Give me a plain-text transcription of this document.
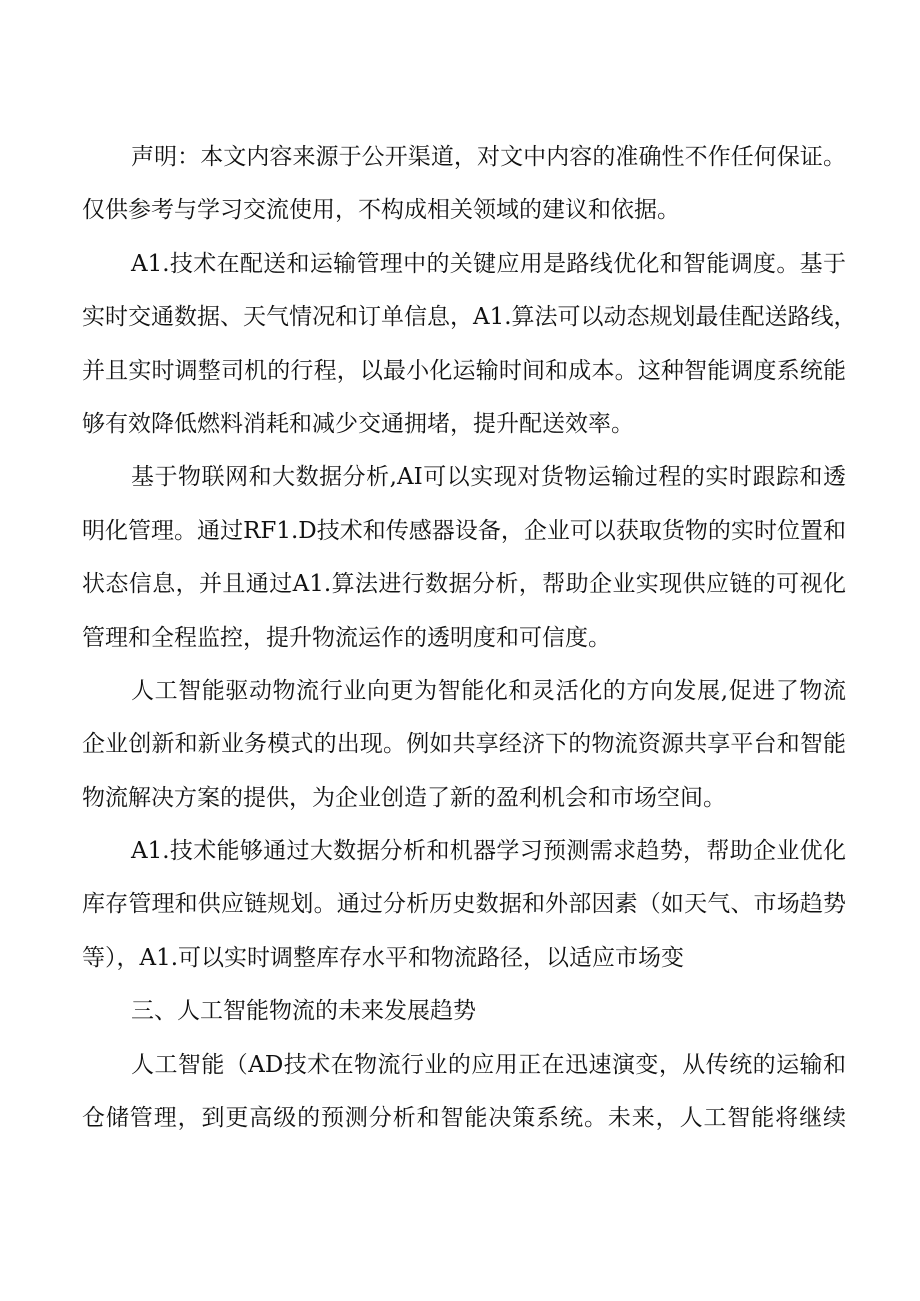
声明：本文内容来源于公开渠道，对文中内容的准确性不作任何保证。
仅供参考与学习交流使用，不构成相关领域的建议和依据。
A1.技术在配送和运输管理中的关键应用是路线优化和智能调度。基于
实时交通数据、天气情况和订单信息，A1.算法可以动态规划最佳配送路线，
并且实时调整司机的行程，以最小化运输时间和成本。这种智能调度系统能
够有效降低燃料消耗和减少交通拥堵，提升配送效率。
基于物联网和大数据分析,AI可以实现对货物运输过程的实时跟踪和透
明化管理。通过RF1.D技术和传感器设备，企业可以获取货物的实时位置和
状态信息，并且通过A1.算法进行数据分析，帮助企业实现供应链的可视化
管理和全程监控，提升物流运作的透明度和可信度。
人工智能驱动物流行业向更为智能化和灵活化的方向发展,促进了物流
企业创新和新业务模式的出现。例如共享经济下的物流资源共享平台和智能
物流解决方案的提供，为企业创造了新的盈利机会和市场空间。
A1.技术能够通过大数据分析和机器学习预测需求趋势，帮助企业优化
库存管理和供应链规划。通过分析历史数据和外部因素（如天气、市场趋势
等），A1.可以实时调整库存水平和物流路径，以适应市场变
三、人工智能物流的未来发展趋势
人工智能（AD技术在物流行业的应用正在迅速演变，从传统的运输和
仓储管理，到更高级的预测分析和智能决策系统。未来，人工智能将继续
